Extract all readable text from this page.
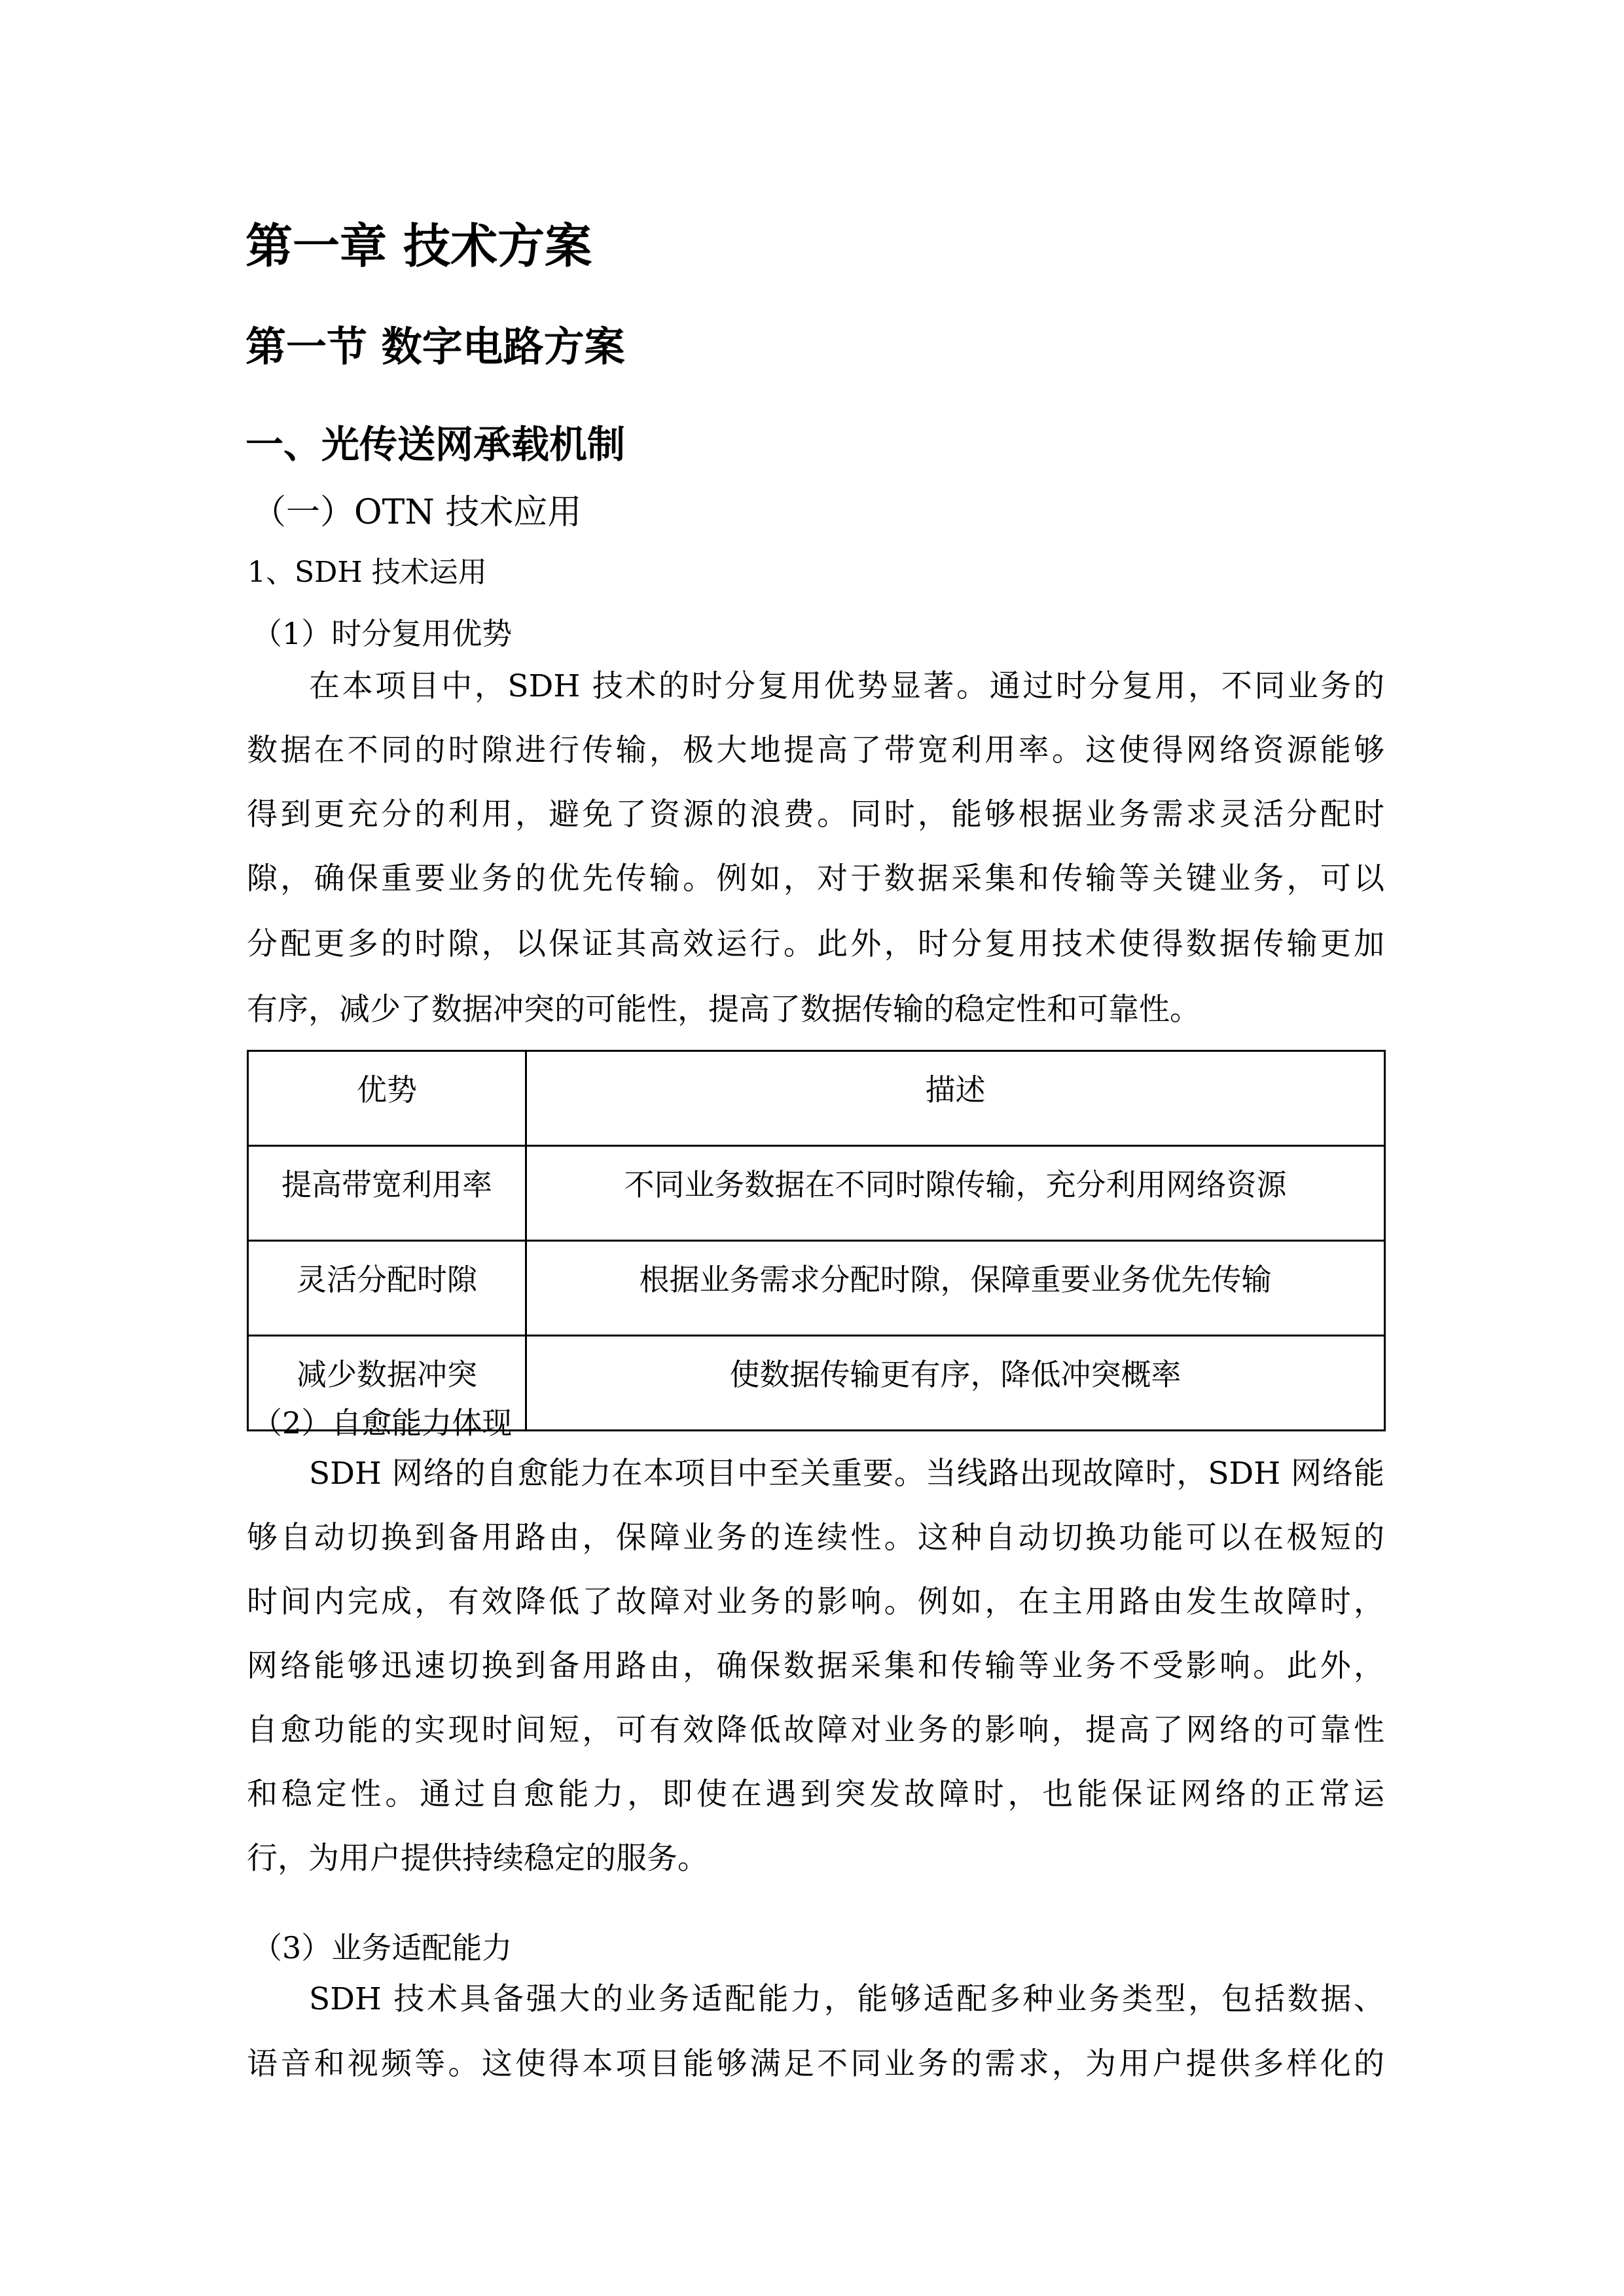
第一章 技术方案
第一节 数字电路方案
一、光传送网承载机制
（一）OTN 技术应用
1、SDH 技术运用
（1）时分复用优势
在本项目中，SDH 技术的时分复用优势显著。通过时分复用，不同业务的
数据在不同的时隙进行传输，极大地提高了带宽利用率。这使得网络资源能够
得到更充分的利用，避免了资源的浪费。同时，能够根据业务需求灵活分配时
隙，确保重要业务的优先传输。例如，对于数据采集和传输等关键业务，可以
分配更多的时隙，以保证其高效运行。此外，时分复用技术使得数据传输更加
有序，减少了数据冲突的可能性，提高了数据传输的稳定性和可靠性。
优势	描述
提高带宽利用率	不同业务数据在不同时隙传输，充分利用网络资源
灵活分配时隙	根据业务需求分配时隙，保障重要业务优先传输
减少数据冲突	使数据传输更有序，降低冲突概率
（2）自愈能力体现
SDH 网络的自愈能力在本项目中至关重要。当线路出现故障时，SDH 网络能
够自动切换到备用路由，保障业务的连续性。这种自动切换功能可以在极短的
时间内完成，有效降低了故障对业务的影响。例如，在主用路由发生故障时，
网络能够迅速切换到备用路由，确保数据采集和传输等业务不受影响。此外，
自愈功能的实现时间短，可有效降低故障对业务的影响，提高了网络的可靠性
和稳定性。通过自愈能力，即使在遇到突发故障时，也能保证网络的正常运
行，为用户提供持续稳定的服务。
（3）业务适配能力
SDH 技术具备强大的业务适配能力，能够适配多种业务类型，包括数据、
语音和视频等。这使得本项目能够满足不同业务的需求，为用户提供多样化的
